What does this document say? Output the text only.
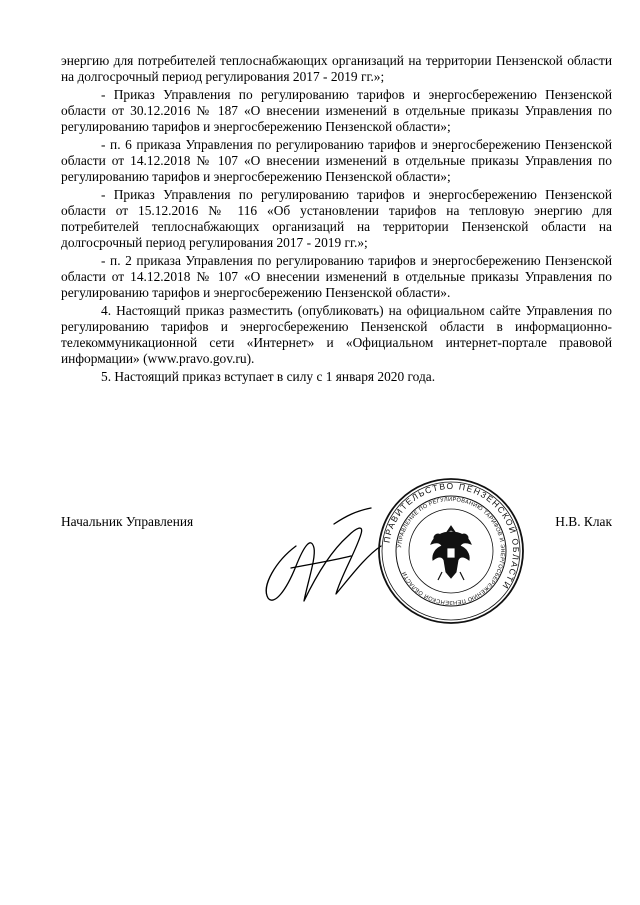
энергию для потребителей теплоснабжающих организаций на территории Пензенской области на долгосрочный период регулирования 2017 - 2019 гг.»;

- Приказ Управления по регулированию тарифов и энергосбережению Пензенской области от 30.12.2016 № 187 «О внесении изменений в отдельные приказы Управления по регулированию тарифов и энергосбережению Пензенской области»;

- п. 6 приказа Управления по регулированию тарифов и энергосбережению Пензенской области от 14.12.2018 № 107 «О внесении изменений в отдельные приказы Управления по регулированию тарифов и энергосбережению Пензенской области»;

- Приказ Управления по регулированию тарифов и энергосбережению Пензенской области от 15.12.2016 № 116 «Об установлении тарифов на тепловую энергию для потребителей теплоснабжающих организаций на территории Пензенской области на долгосрочный период регулирования 2017 - 2019 гг.»;

- п. 2 приказа Управления по регулированию тарифов и энергосбережению Пензенской области от 14.12.2018 № 107 «О внесении изменений в отдельные приказы Управления по регулированию тарифов и энергосбережению Пензенской области».

4. Настоящий приказ разместить (опубликовать) на официальном сайте Управления по регулированию тарифов и энергосбережению Пензенской области в информационно-телекоммуникационной сети «Интернет» и «Официальном интернет-портале правовой информации» (www.pravo.gov.ru).

5. Настоящий приказ вступает в силу с 1 января 2020 года.

Начальник Управления	Н.В. Клак
ПРАВИТЕЛЬСТВО ПЕНЗЕНСКОЙ ОБЛАСТИ
УПРАВЛЕНИЕ ПО РЕГУЛИРОВАНИЮ ТАРИФОВ И ЭНЕРГОСБЕРЕЖЕНИЮ ПЕНЗЕНСКОЙ ОБЛАСТИ
